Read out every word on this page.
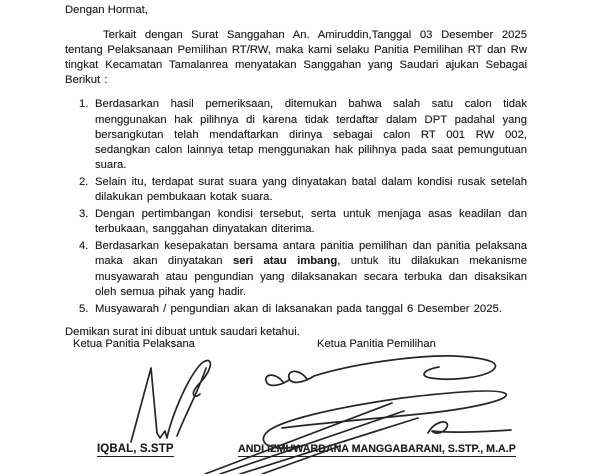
Dengan Hormat,

Terkait dengan Surat Sanggahan An. Amiruddin,Tanggal 03 Desember 2025 tentang Pelaksanaan Pemilihan RT/RW, maka kami selaku Panitia Pemilihan RT dan Rw tingkat Kecamatan Tamalanrea menyatakan Sanggahan yang Saudari ajukan Sebagai Berikut :

1. Berdasarkan hasil pemeriksaan, ditemukan bahwa salah satu calon tidak menggunakan hak pilihnya di karena tidak terdaftar dalam DPT padahal yang bersangkutan telah mendaftarkan dirinya sebagai calon RT 001 RW 002, sedangkan calon lainnya tetap menggunakan hak pilihnya pada saat pemungutuan suara.
2. Selain itu, terdapat surat suara yang dinyatakan batal dalam kondisi rusak setelah dilakukan pembukaan kotak suara.
3. Dengan pertimbangan kondisi tersebut, serta untuk menjaga asas keadilan dan terbukaan, sanggahan dinyatakan diterima.
4. Berdasarkan kesepakatan bersama antara panitia pemilihan dan panitia pelaksana maka akan dinyatakan seri atau imbang, untuk itu dilakukan mekanisme musyawarah atau pengundian yang dilaksanakan secara terbuka dan disaksikan oleh semua pihak yang hadir.
5. Musyawarah / pengundian akan di laksanakan pada tanggal 6 Desember 2025.

Demikan surat ini dibuat untuk saudari ketahui.

Ketua Panitia Pelaksana	Ketua Panitia Pemilihan
IQBAL, S.STP	ANDI IZMUWARDANA MANGGABARANI, S.STP., M.A.P
